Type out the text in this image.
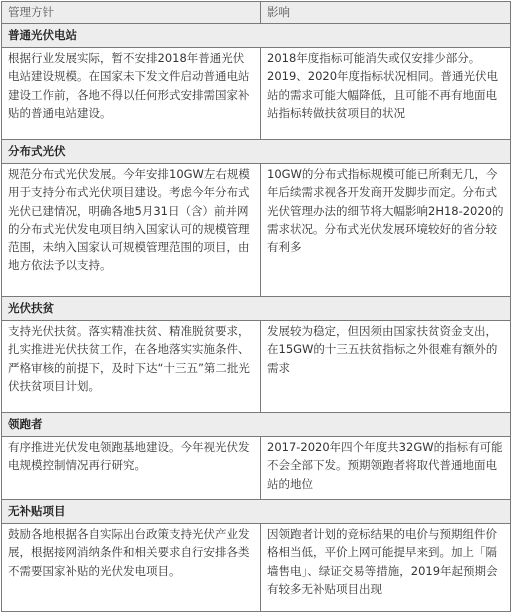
管理方针	影响
普通光伏电站	
根据行业发展实际，暂不安排2018年普通光伏电站建设规模。在国家未下发文件启动普通电站建设工作前，各地不得以任何形式安排需国家补贴的普通电站建设。	2018年度指标可能消失或仅安排少部分。2019、2020年度指标状况相同。普通光伏电站的需求可能大幅降低，且可能不再有地面电站指标转做扶贫项目的状况
分布式光伏	
规范分布式光伏发展。今年安排10GW左右规模用于支持分布式光伏项目建设。考虑今年分布式光伏已建情况，明确各地5月31日（含）前并网的分布式光伏发电项目纳入国家认可的规模管理范围，未纳入国家认可规模管理范围的项目，由地方依法予以支持。	10GW的分布式指标规模可能已所剩无几，今年后续需求视各开发商开发脚步而定。分布式光伏管理办法的细节将大幅影响2H18-2020的需求状况。分布式光伏发展环境较好的省分较有利多
光伏扶贫	
支持光伏扶贫。落实精准扶贫、精准脱贫要求，扎实推进光伏扶贫工作，在各地落实实施条件、严格审核的前提下，及时下达“十三五”第二批光伏扶贫项目计划。	发展较为稳定，但因须由国家扶贫资金支出，在15GW的十三五扶贫指标之外很难有额外的需求
领跑者	
有序推进光伏发电领跑基地建设。今年视光伏发电规模控制情况再行研究。	2017-2020年四个年度共32GW的指标有可能不会全部下发。预期领跑者将取代普通地面电站的地位
无补贴项目	
鼓励各地根据各自实际出台政策支持光伏产业发展，根据接网消纳条件和相关要求自行安排各类不需要国家补贴的光伏发电项目。	因领跑者计划的竞标结果的电价与预期组件价格相当低，平价上网可能提早来到。加上「隔墙售电」、绿证交易等措施，2019年起预期会有较多无补贴项目出现
